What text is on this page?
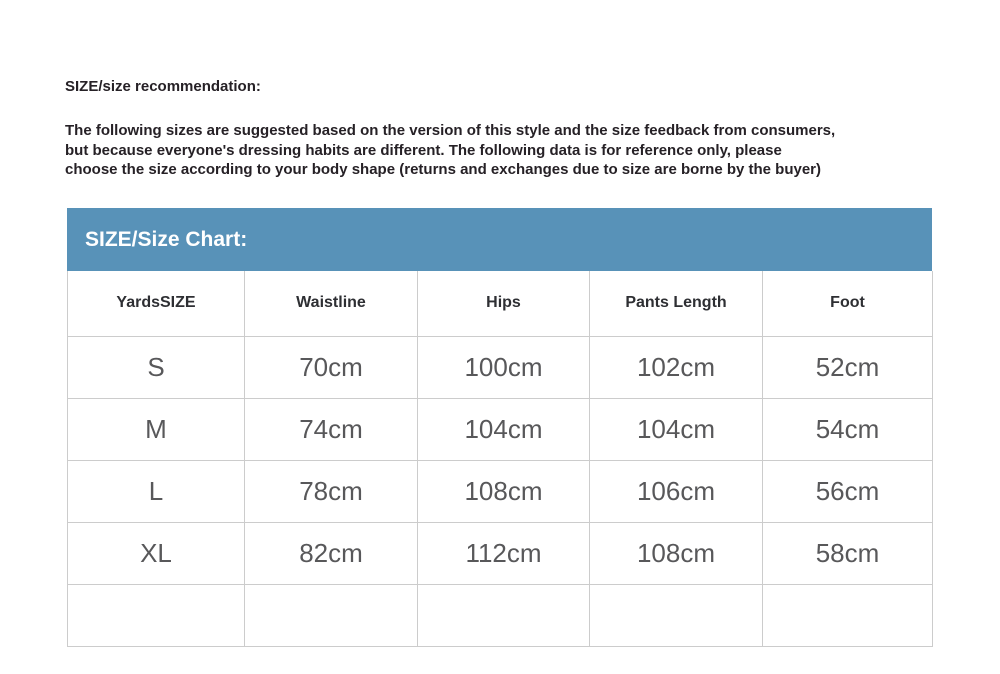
SIZE/size recommendation:
The following sizes are suggested based on the version of this style and the size feedback from consumers,
but because everyone's dressing habits are different. The following data is for reference only, please
choose the size according to your body shape (returns and exchanges due to size are borne by the buyer)
SIZE/Size Chart:
YardsSIZE	Waistline	Hips	Pants Length	Foot
S	70cm	100cm	102cm	52cm
M	74cm	104cm	104cm	54cm
L	78cm	108cm	106cm	56cm
XL	82cm	112cm	108cm	58cm
